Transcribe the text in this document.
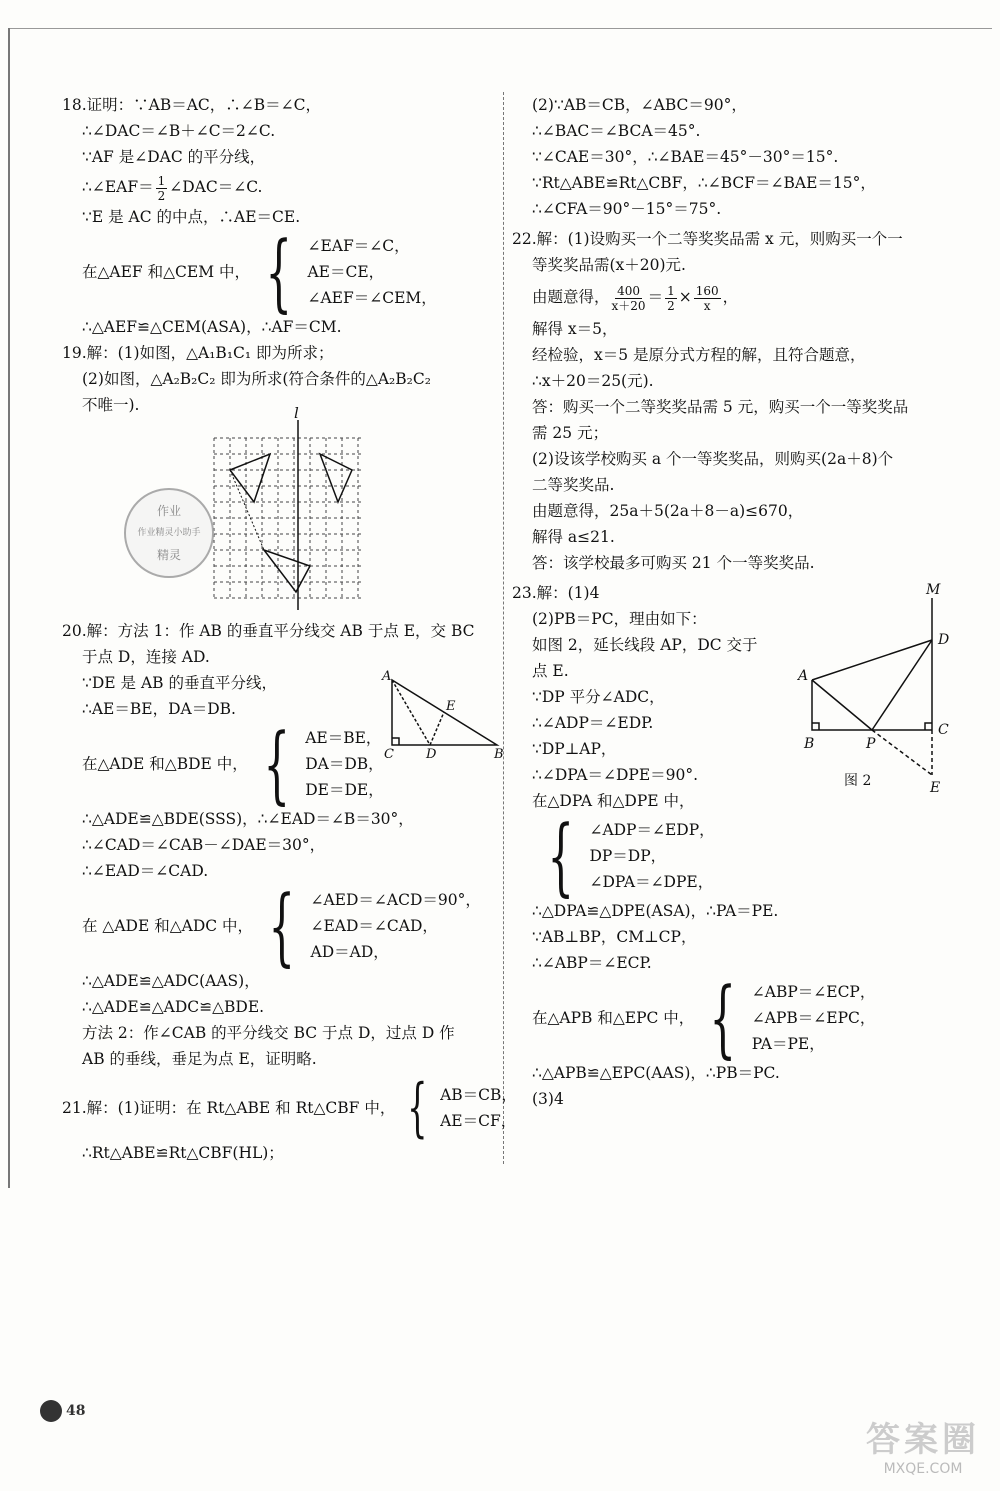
18.证明：∵AB＝AC，∴∠B＝∠C，
∴∠DAC＝∠B＋∠C＝2∠C.
∵AF 是∠DAC 的平分线，
∴∠EAF＝ $\frac{1}{2}$ ∠DAC＝∠C.
∵E 是 AC 的中点，∴AE＝CE.
在△AEF 和△CEM 中， { ∠EAF＝∠C，
AE＝CE，
∠AEF＝∠CEM，
∴△AEF≌△CEM(ASA)，∴AF＝CM.
19.解：(1)如图，△A₁B₁C₁ 即为所求；
(2)如图，△A₂B₂C₂ 即为所求(符合条件的△A₂B₂C₂
不唯一).	l
作业
作业精灵小助手
精灵
20.解：方法 1：作 AB 的垂直平分线交 AB 于点 E，交 BC
于点 D，连接 AD.
∵DE 是 AB 的垂直平分线，
∴AE＝BE，DA＝DB.
在△ADE 和△BDE 中， { AE＝BE，
DA＝DB，
DE＝DE，
A
E
C D	B
∴△ADE≌△BDE(SSS)，∴∠EAD＝∠B＝30°，
∴∠CAD＝∠CAB－∠DAE＝30°，
∴∠EAD＝∠CAD.
在 △ADE 和△ADC 中， { ∠AED＝∠ACD＝90°，
∠EAD＝∠CAD，
AD＝AD，
∴△ADE≌△ADC(AAS)，
∴△ADE≌△ADC≌△BDE.
方法 2：作∠CAB 的平分线交 BC 于点 D，过点 D 作
AB 的垂线，垂足为点 E，证明略.
21.解：(1)证明：在 Rt△ABE 和 Rt△CBF 中， { AB＝CB，
AE＝CF，
∴Rt△ABE≌Rt△CBF(HL)；
(2)∵AB＝CB，∠ABC＝90°，
∴∠BAC＝∠BCA＝45°.
∵∠CAE＝30°，∴∠BAE＝45°－30°＝15°.
∵Rt△ABE≌Rt△CBF，∴∠BCF＝∠BAE＝15°，
∴∠CFA＝90°－15°＝75°.
22.解：(1)设购买一个二等奖奖品需 x 元，则购买一个一
等奖奖品需(x＋20)元.
由题意得， $\frac{400}{x+20} = \frac{1}{2} \times \frac{160}{x}$ ，
解得 x＝5，
经检验，x＝5 是原分式方程的解，且符合题意，
∴x＋20＝25(元).
答：购买一个二等奖奖品需 5 元，购买一个一等奖奖品
需 25 元；
(2)设该学校购买 a 个一等奖奖品，则购买(2a＋8)个
二等奖奖品.
由题意得，25a＋5(2a＋8－a)≤670，
解得 a≤21.
答：该学校最多可购买 21 个一等奖奖品.
23.解：(1)4
(2)PB＝PC，理由如下：
如图 2，延长线段 AP，DC 交于
点 E.
∵DP 平分∠ADC，
∴∠ADP＝∠EDP.
∵DP⊥AP，
∴∠DPA＝∠DPE＝90°.
在△DPA 和△DPE 中，
{ ∠ADP＝∠EDP，
DP＝DP，
∠DPA＝∠DPE，
M
D
A
B	P
C
E
图 2
∴△DPA≌△DPE(ASA)，∴PA＝PE.
∵AB⊥BP，CM⊥CP，
∴∠ABP＝∠ECP.
在△APB 和△EPC 中， { ∠ABP＝∠ECP，
∠APB＝∠EPC，
PA＝PE，
∴△APB≌△EPC(AAS)，∴PB＝PC.
(3)4
48
答案圈
MXQE.COM
